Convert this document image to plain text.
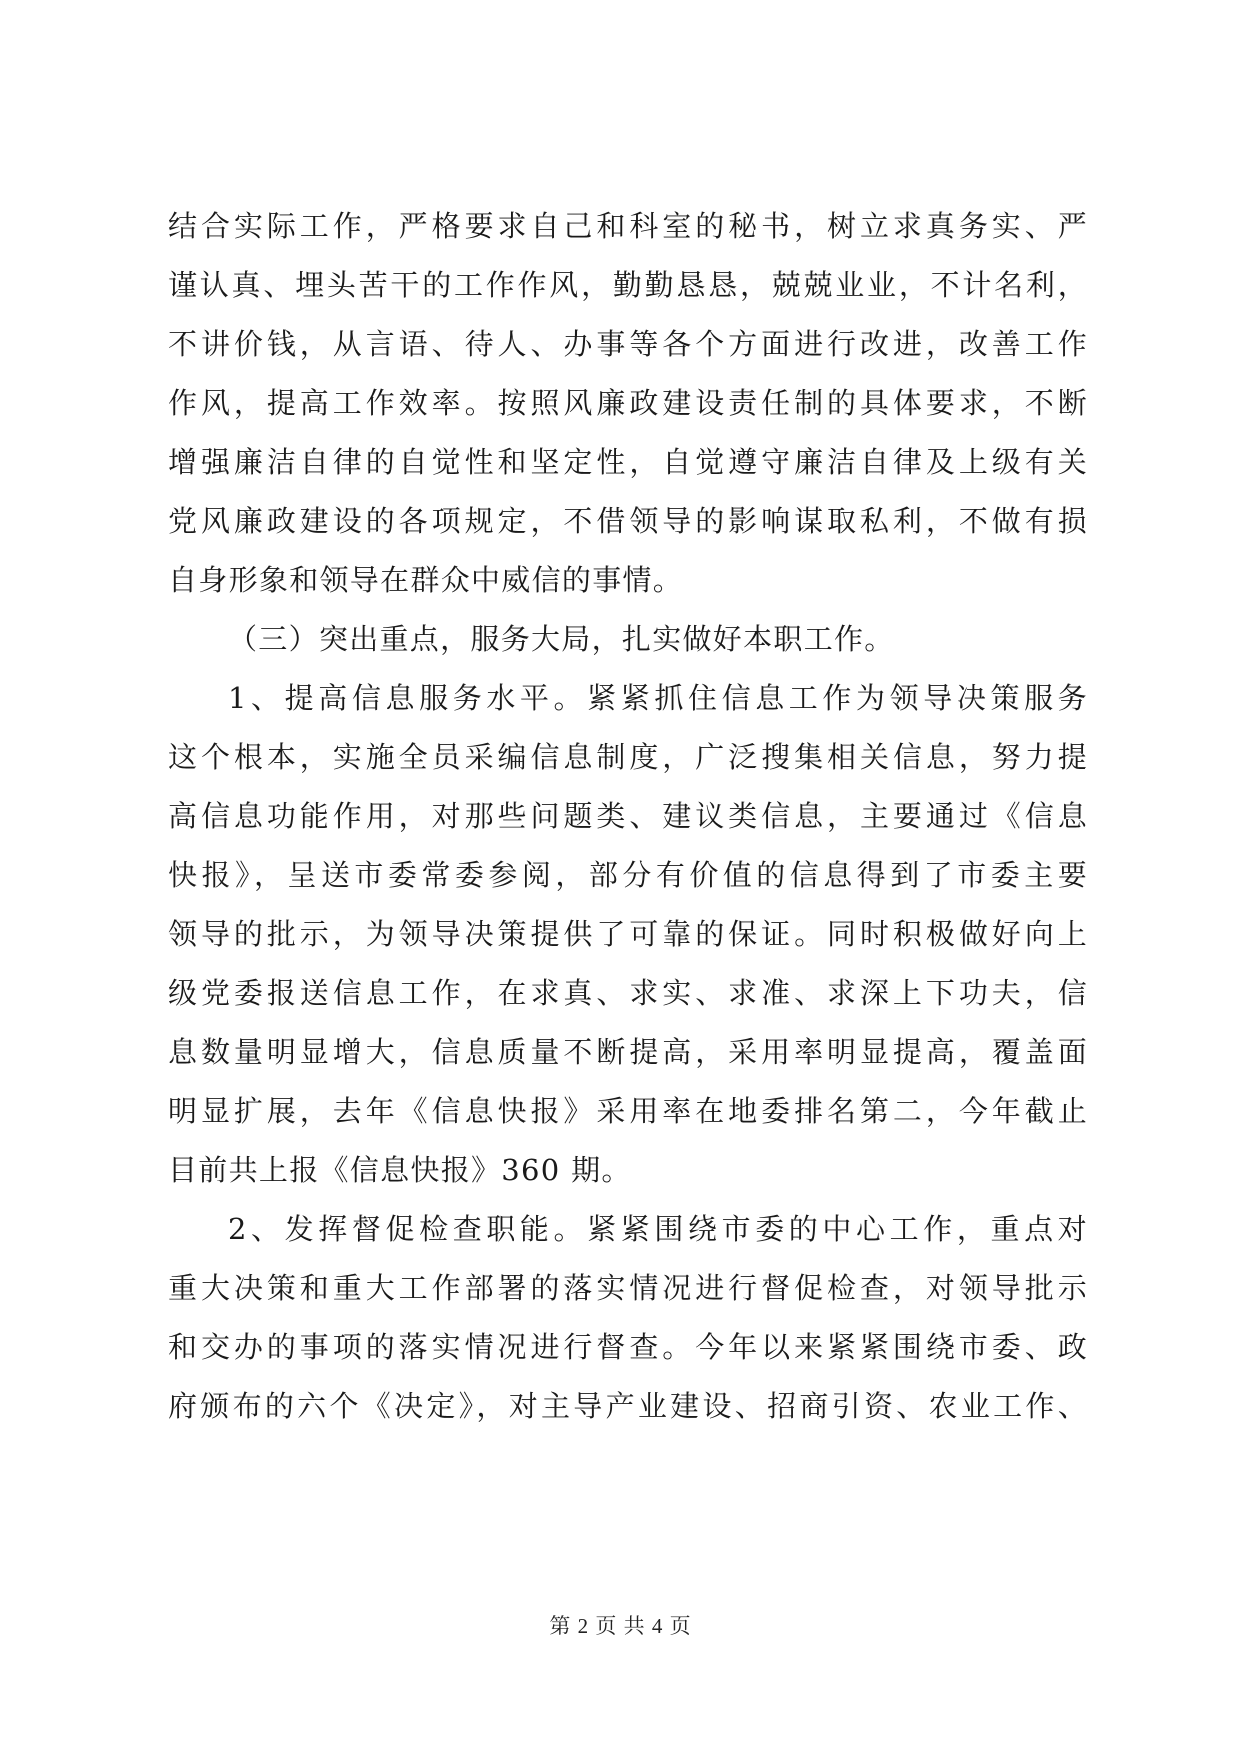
结合实际工作，严格要求自己和科室的秘书，树立求真务实、严
谨认真、埋头苦干的工作作风，勤勤恳恳，兢兢业业，不计名利，
不讲价钱，从言语、待人、办事等各个方面进行改进，改善工作
作风，提高工作效率。按照风廉政建设责任制的具体要求，不断
增强廉洁自律的自觉性和坚定性，自觉遵守廉洁自律及上级有关
党风廉政建设的各项规定，不借领导的影响谋取私利，不做有损
自身形象和领导在群众中威信的事情。
（三）突出重点，服务大局，扎实做好本职工作。
1、提高信息服务水平。紧紧抓住信息工作为领导决策服务
这个根本，实施全员采编信息制度，广泛搜集相关信息，努力提
高信息功能作用，对那些问题类、建议类信息，主要通过《信息
快报》，呈送市委常委参阅，部分有价值的信息得到了市委主要
领导的批示，为领导决策提供了可靠的保证。同时积极做好向上
级党委报送信息工作，在求真、求实、求准、求深上下功夫，信
息数量明显增大，信息质量不断提高，采用率明显提高，覆盖面
明显扩展，去年《信息快报》采用率在地委排名第二，今年截止
目前共上报《信息快报》360 期。
2、发挥督促检查职能。紧紧围绕市委的中心工作，重点对
重大决策和重大工作部署的落实情况进行督促检查，对领导批示
和交办的事项的落实情况进行督查。今年以来紧紧围绕市委、政
府颁布的六个《决定》，对主导产业建设、招商引资、农业工作、
第 2 页 共 4 页
